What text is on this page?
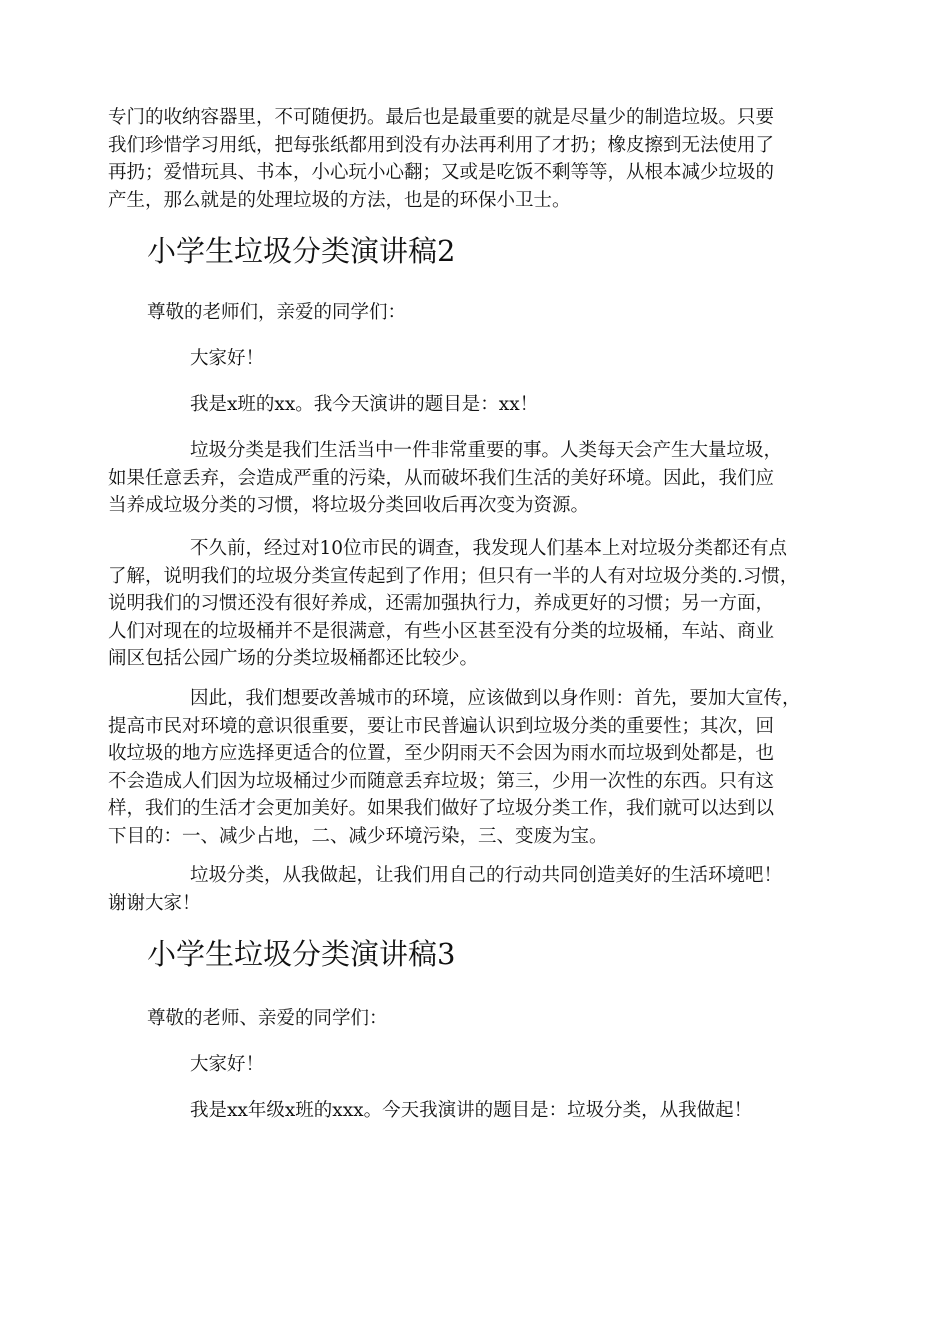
专门的收纳容器里，不可随便扔。最后也是最重要的就是尽量少的制造垃圾。只要
我们珍惜学习用纸，把每张纸都用到没有办法再利用了才扔；橡皮擦到无法使用了
再扔；爱惜玩具、书本，小心玩小心翻；又或是吃饭不剩等等，从根本减少垃圾的
产生，那么就是的处理垃圾的方法，也是的环保小卫士。
小学生垃圾分类演讲稿2
尊敬的老师们，亲爱的同学们：
大家好！
我是x班的xx。我今天演讲的题目是：xx！
垃圾分类是我们生活当中一件非常重要的事。人类每天会产生大量垃圾，
如果任意丢弃，会造成严重的污染，从而破坏我们生活的美好环境。因此，我们应
当养成垃圾分类的习惯，将垃圾分类回收后再次变为资源。
不久前，经过对10位市民的调查，我发现人们基本上对垃圾分类都还有点
了解，说明我们的垃圾分类宣传起到了作用；但只有一半的人有对垃圾分类的.习惯，
说明我们的习惯还没有很好养成，还需加强执行力，养成更好的习惯；另一方面，
人们对现在的垃圾桶并不是很满意，有些小区甚至没有分类的垃圾桶，车站、商业
闹区包括公园广场的分类垃圾桶都还比较少。
因此，我们想要改善城市的环境，应该做到以身作则：首先，要加大宣传，
提高市民对环境的意识很重要，要让市民普遍认识到垃圾分类的重要性；其次，回
收垃圾的地方应选择更适合的位置，至少阴雨天不会因为雨水而垃圾到处都是，也
不会造成人们因为垃圾桶过少而随意丢弃垃圾；第三，少用一次性的东西。只有这
样，我们的生活才会更加美好。如果我们做好了垃圾分类工作，我们就可以达到以
下目的：一、减少占地，二、减少环境污染，三、变废为宝。
垃圾分类，从我做起，让我们用自己的行动共同创造美好的生活环境吧！
谢谢大家！
小学生垃圾分类演讲稿3
尊敬的老师、亲爱的同学们：
大家好！
我是xx年级x班的xxx。今天我演讲的题目是：垃圾分类，从我做起！
